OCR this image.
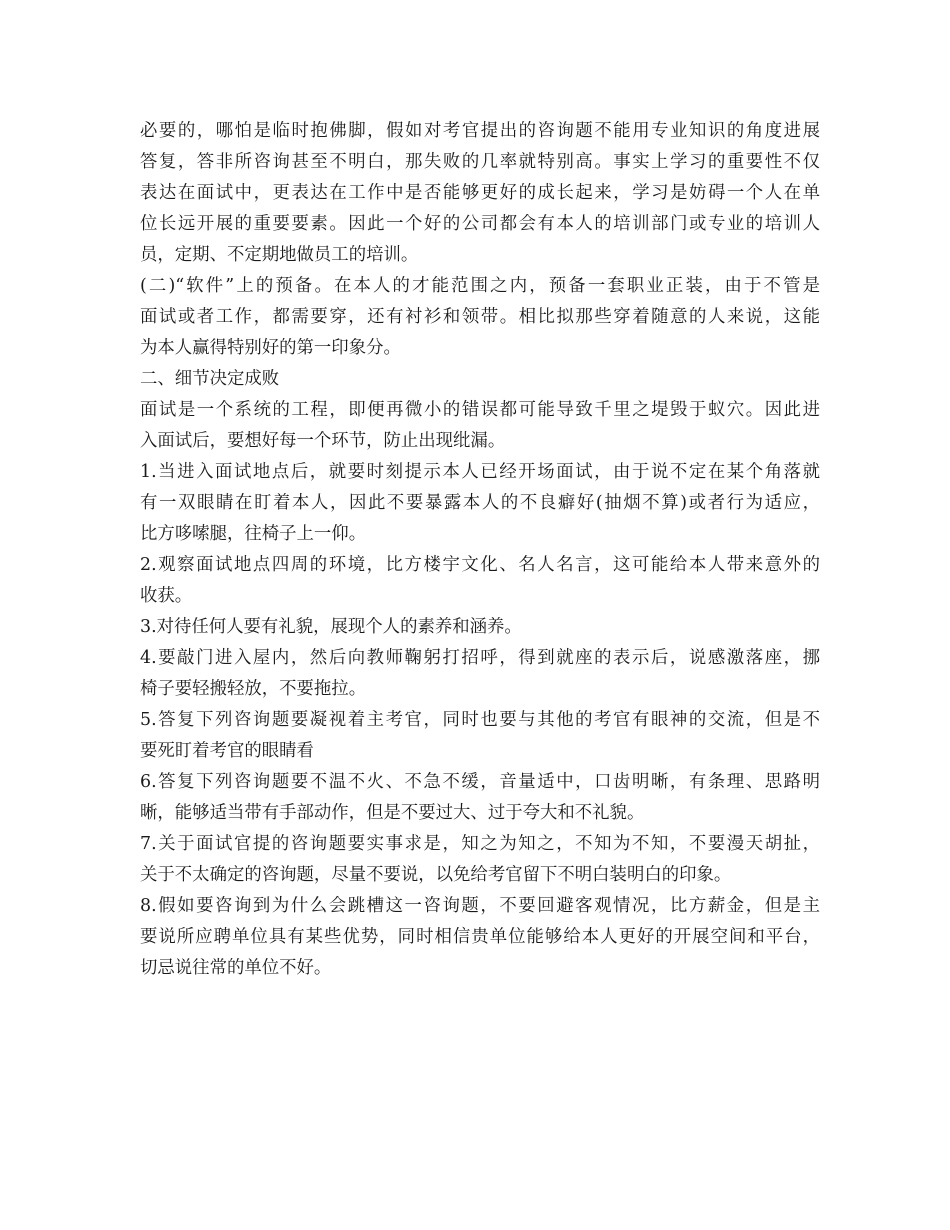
必要的，哪怕是临时抱佛脚，假如对考官提出的咨询题不能用专业知识的角度进展
答复，答非所咨询甚至不明白，那失败的几率就特别高。事实上学习的重要性不仅
表达在面试中，更表达在工作中是否能够更好的成长起来，学习是妨碍一个人在单
位长远开展的重要要素。因此一个好的公司都会有本人的培训部门或专业的培训人
员，定期、不定期地做员工的培训。
(二)“软件”上的预备。在本人的才能范围之内，预备一套职业正装，由于不管是
面试或者工作，都需要穿，还有衬衫和领带。相比拟那些穿着随意的人来说，这能
为本人赢得特别好的第一印象分。
二、细节决定成败
面试是一个系统的工程，即便再微小的错误都可能导致千里之堤毁于蚁穴。因此进
入面试后，要想好每一个环节，防止出现纰漏。
1.当进入面试地点后，就要时刻提示本人已经开场面试，由于说不定在某个角落就
有一双眼睛在盯着本人，因此不要暴露本人的不良癖好(抽烟不算)或者行为适应，
比方哆嗦腿，往椅子上一仰。
2.观察面试地点四周的环境，比方楼宇文化、名人名言，这可能给本人带来意外的
收获。
3.对待任何人要有礼貌，展现个人的素养和涵养。
4.要敲门进入屋内，然后向教师鞠躬打招呼，得到就座的表示后，说感激落座，挪
椅子要轻搬轻放，不要拖拉。
5.答复下列咨询题要凝视着主考官，同时也要与其他的考官有眼神的交流，但是不
要死盯着考官的眼睛看
6.答复下列咨询题要不温不火、不急不缓，音量适中，口齿明晰，有条理、思路明
晰，能够适当带有手部动作，但是不要过大、过于夸大和不礼貌。
7.关于面试官提的咨询题要实事求是，知之为知之，不知为不知，不要漫天胡扯，
关于不太确定的咨询题，尽量不要说，以免给考官留下不明白装明白的印象。
8.假如要咨询到为什么会跳槽这一咨询题，不要回避客观情况，比方薪金，但是主
要说所应聘单位具有某些优势，同时相信贵单位能够给本人更好的开展空间和平台，
切忌说往常的单位不好。
